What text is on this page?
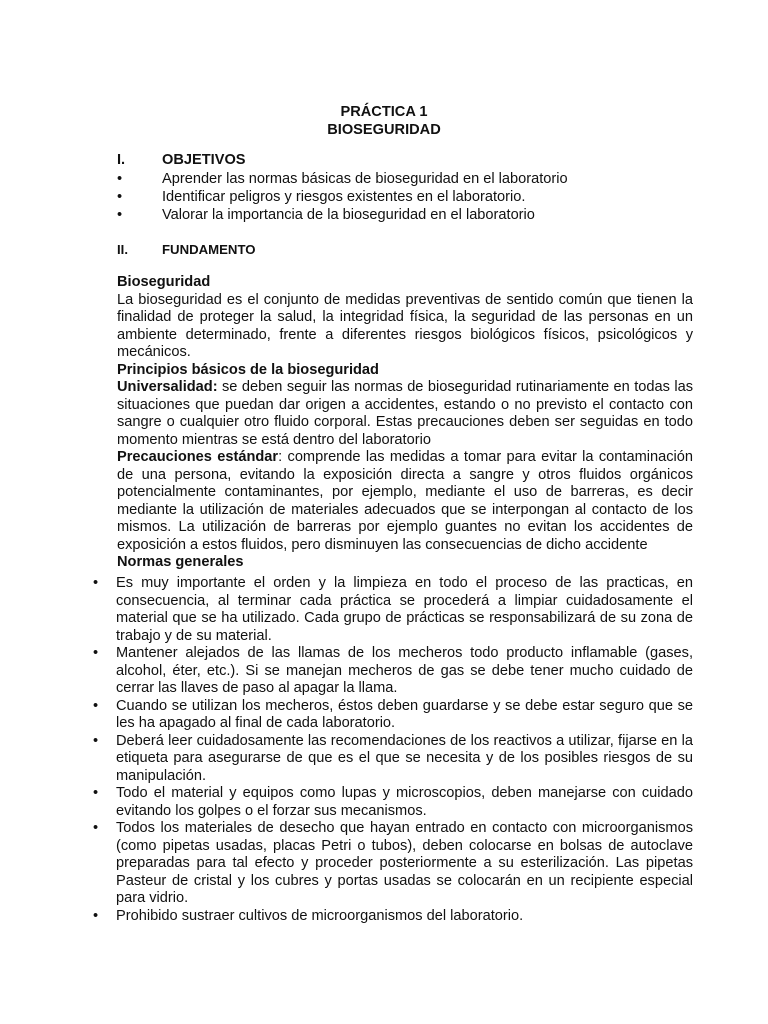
PRÁCTICA 1
BIOSEGURIDAD
I.	OBJETIVOS
•	Aprender las normas básicas de bioseguridad en el laboratorio
•	Identificar peligros y riesgos existentes en el laboratorio.
•	Valorar la importancia de la bioseguridad en el laboratorio
II.	FUNDAMENTO

Bioseguridad

La bioseguridad es el conjunto de medidas preventivas de sentido común que tienen la finalidad de proteger la salud, la integridad física, la seguridad de las personas en un ambiente determinado, frente a diferentes riesgos biológicos físicos, psicológicos y mecánicos.

Principios básicos de la bioseguridad

Universalidad: se deben seguir las normas de bioseguridad rutinariamente en todas las situaciones que puedan dar origen a accidentes, estando o no previsto el contacto con sangre o cualquier otro fluido corporal. Estas precauciones deben ser seguidas en todo momento mientras se está dentro del laboratorio

Precauciones estándar: comprende las medidas a tomar para evitar la contaminación de una persona, evitando la exposición directa a sangre y otros fluidos orgánicos potencialmente contaminantes, por ejemplo, mediante el uso de barreras, es decir mediante la utilización de materiales adecuados que se interpongan al contacto de los mismos. La utilización de barreras por ejemplo guantes no evitan los accidentes de exposición a estos fluidos, pero disminuyen las consecuencias de dicho accidente

Normas generales

• Es muy importante el orden y la limpieza en todo el proceso de las practicas, en consecuencia, al terminar cada práctica se procederá a limpiar cuidadosamente el material que se ha utilizado. Cada grupo de prácticas se responsabilizará de su zona de trabajo y de su material.
• Mantener alejados de las llamas de los mecheros todo producto inflamable (gases, alcohol, éter, etc.). Si se manejan mecheros de gas se debe tener mucho cuidado de cerrar las llaves de paso al apagar la llama.
• Cuando se utilizan los mecheros, éstos deben guardarse y se debe estar seguro que se les ha apagado al final de cada laboratorio.
• Deberá leer cuidadosamente las recomendaciones de los reactivos a utilizar, fijarse en la etiqueta para asegurarse de que es el que se necesita y de los posibles riesgos de su manipulación.
• Todo el material y equipos como lupas y microscopios, deben manejarse con cuidado evitando los golpes o el forzar sus mecanismos.
• Todos los materiales de desecho que hayan entrado en contacto con microorganismos (como pipetas usadas, placas Petri o tubos), deben colocarse en bolsas de autoclave preparadas para tal efecto y proceder posteriormente a su esterilización. Las pipetas Pasteur de cristal y los cubres y portas usadas se colocarán en un recipiente especial para vidrio.
• Prohibido sustraer cultivos de microorganismos del laboratorio.
